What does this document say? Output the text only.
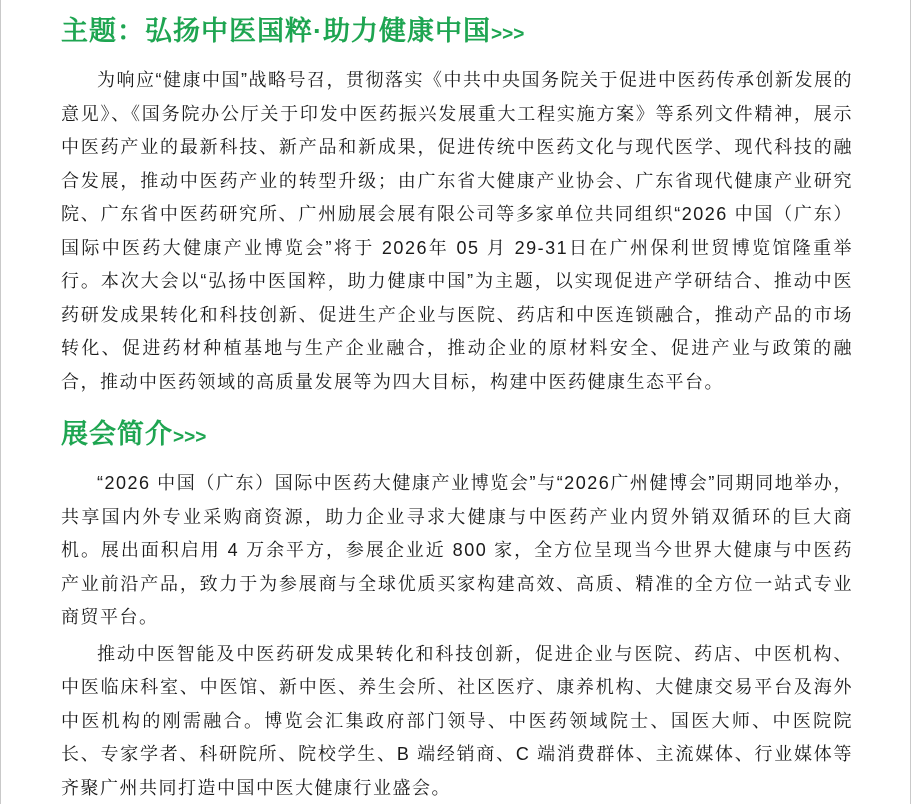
主题：弘扬中医国粹·助力健康中国>>>

为响应“健康中国”战略号召，贯彻落实《中共中央国务院关于促进中医药传承创新发展的意见》、《国务院办公厅关于印发中医药振兴发展重大工程实施方案》等系列文件精神，展示中医药产业的最新科技、新产品和新成果，促进传统中医药文化与现代医学、现代科技的融合发展，推动中医药产业的转型升级；由广东省大健康产业协会、广东省现代健康产业研究院、广东省中医药研究所、广州励展会展有限公司等多家单位共同组织“2026 中国（广东）国际中医药大健康产业博览会”将于 2026年 05 月 29-31日在广州保利世贸博览馆隆重举行。本次大会以“弘扬中医国粹，助力健康中国”为主题，以实现促进产学研结合、推动中医药研发成果转化和科技创新、促进生产企业与医院、药店和中医连锁融合，推动产品的市场转化、促进药材种植基地与生产企业融合，推动企业的原材料安全、促进产业与政策的融合，推动中医药领域的高质量发展等为四大目标，构建中医药健康生态平台。

展会简介>>>

“2026 中国（广东）国际中医药大健康产业博览会”与“2026广州健博会”同期同地举办，共享国内外专业采购商资源，助力企业寻求大健康与中医药产业内贸外销双循环的巨大商机。展出面积启用 4 万余平方，参展企业近 800 家，全方位呈现当今世界大健康与中医药产业前沿产品，致力于为参展商与全球优质买家构建高效、高质、精准的全方位一站式专业商贸平台。

推动中医智能及中医药研发成果转化和科技创新，促进企业与医院、药店、中医机构、中医临床科室、中医馆、新中医、养生会所、社区医疗、康养机构、大健康交易平台及海外中医机构的刚需融合。博览会汇集政府部门领导、中医药领域院士、国医大师、中医院院长、专家学者、科研院所、院校学生、B 端经销商、C 端消费群体、主流媒体、行业媒体等齐聚广州共同打造中国中医大健康行业盛会。
